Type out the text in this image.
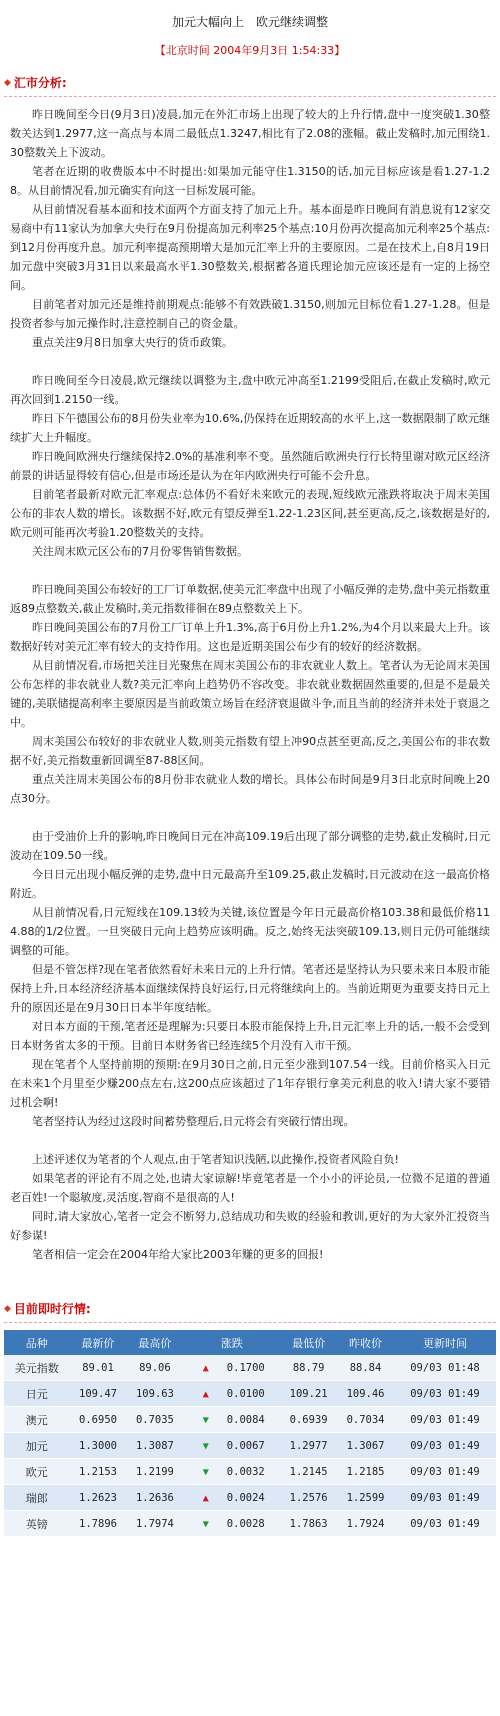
加元大幅向上　欧元继续调整
【北京时间 2004年9月3日 1:54:33】
◆ 汇市分析:

昨日晚间至今日(9月3日)凌晨,加元在外汇市场上出现了较大的上升行情,盘中一度突破1.30整数关达到1.2977,这一高点与本周二最低点1.3247,相比有了2.08的涨幅。截止发稿时,加元围绕1.30整数关上下波动。

笔者在近期的收费版本中不时提出:如果加元能守住1.3150的话,加元目标应该是看1.27-1.28。从目前情况看,加元确实有向这一目标发展可能。

从目前情况看基本面和技术面两个方面支持了加元上升。基本面是昨日晚间有消息说有12家交易商中有11家认为加拿大央行在9月份提高加元利率25个基点:10月份再次提高加元利率25个基点:到12月份再度升息。加元利率提高预期增大是加元汇率上升的主要原因。二是在技术上,自8月19日加元盘中突破3月31日以来最高水平1.30整数关,根据蓄各道氏理论加元应该还是有一定的上扬空间。

目前笔者对加元还是维持前期观点:能够不有效跌破1.3150,则加元目标位看1.27-1.28。但是投资者参与加元操作时,注意控制自己的资金量。

重点关注9月8日加拿大央行的货币政策。

昨日晚间至今日凌晨,欧元继续以调整为主,盘中欧元冲高至1.2199受阻后,在截止发稿时,欧元再次回到1.2150一线。

昨日下午德国公布的8月份失业率为10.6%,仍保持在近期较高的水平上,这一数据限制了欧元继续扩大上升幅度。

昨日晚间欧洲央行继续保持2.0%的基准利率不变。虽然随后欧洲央行行长特里谢对欧元区经济前景的讲话显得较有信心,但是市场还是认为在年内欧洲央行可能不会升息。

目前笔者最新对欧元汇率观点:总体仍不看好未来欧元的表现,短线欧元涨跌将取决于周末美国公布的非农人数的增长。该数据不好,欧元有望反弹至1.22-1.23区间,甚至更高,反之,该数据是好的,欧元则可能再次考验1.20整数关的支持。

关注周末欧元区公布的7月份零售销售数据。

昨日晚间美国公布较好的工厂订单数据,使美元汇率盘中出现了小幅反弹的走势,盘中美元指数重返89点整数关,截止发稿时,美元指数徘徊在89点整数关上下。

昨日晚间美国公布的7月份工厂订单上升1.3%,高于6月份上升1.2%,为4个月以来最大上升。该数据好转对美元汇率有较大的支持作用。这也是近期美国公布少有的较好的经济数据。

从目前情况看,市场把关注目光聚焦在周末美国公布的非农就业人数上。笔者认为无论周末美国公布怎样的非农就业人数?美元汇率向上趋势仍不容改变。非农就业数据固然重要的,但是不是最关键的,美联储提高利率主要原因是当前政策立场旨在经济衰退做斗争,而且当前的经济并未处于衰退之中。

周末美国公布较好的非农就业人数,则美元指数有望上冲90点甚至更高,反之,美国公布的非农数据不好,美元指数重新回调至87-88区间。

重点关注周末美国公布的8月份非农就业人数的增长。具体公布时间是9月3日北京时间晚上20点30分。

由于受油价上升的影响,昨日晚间日元在冲高109.19后出现了部分调整的走势,截止发稿时,日元波动在109.50一线。

今日日元出现小幅反弹的走势,盘中日元最高升至109.25,截止发稿时,日元波动在这一最高价格附近。

从目前情况看,日元短线在109.13较为关键,该位置是今年日元最高价格103.38和最低价格114.88的1/2位置。一旦突破日元向上趋势应该明确。反之,始终无法突破109.13,则日元仍可能继续调整的可能。

但是不管怎样?现在笔者依然看好未来日元的上升行情。笔者还是坚持认为只要未来日本股市能保持上升,日本经济经济基本面继续保持良好运行,日元将继续向上的。当前近期更为重要支持日元上升的原因还是在9月30日日本半年度结帐。

对日本方面的干预,笔者还是理解为:只要日本股市能保持上升,日元汇率上升的话,一般不会受到日本财务省太多的干预。目前日本财务省已经连续5个月没有入市干预。

现在笔者个人坚持前期的预期:在9月30日之前,日元至少涨到107.54一线。目前价格买入日元在未来1个月里至少赚200点左右,这200点应该超过了1年存银行拿美元利息的收入!请大家不要错过机会啊!

笔者坚持认为经过这段时间蓄势整理后,日元将会有突破行情出现。

上述评述仅为笔者的个人观点,由于笔者知识浅陋,以此操作,投资者风险自负!

如果笔者的评论有不周之处,也请大家谅解!毕竟笔者是一个小小的评论员,一位微不足道的普通老百姓!一个聪敏度,灵活度,智商不是很高的人!

同时,请大家放心,笔者一定会不断努力,总结成功和失败的经验和教训,更好的为大家外汇投资当好参谋!

笔者相信一定会在2004年给大家比2003年赚的更多的回报!

◆ 目前即时行情:
品种	最新价	最高价	涨跌	最低价	昨收价	更新时间
美元指数	89.01	89.06	▲ 0.1700	88.79	88.84	09/03 01:48
日元	109.47	109.63	▲ 0.0100	109.21	109.46	09/03 01:49
澳元	0.6950	0.7035	▼ 0.0084	0.6939	0.7034	09/03 01:49
加元	1.3000	1.3087	▼ 0.0067	1.2977	1.3067	09/03 01:49
欧元	1.2153	1.2199	▼ 0.0032	1.2145	1.2185	09/03 01:49
瑞郎	1.2623	1.2636	▲ 0.0024	1.2576	1.2599	09/03 01:49
英镑	1.7896	1.7974	▼ 0.0028	1.7863	1.7924	09/03 01:49
